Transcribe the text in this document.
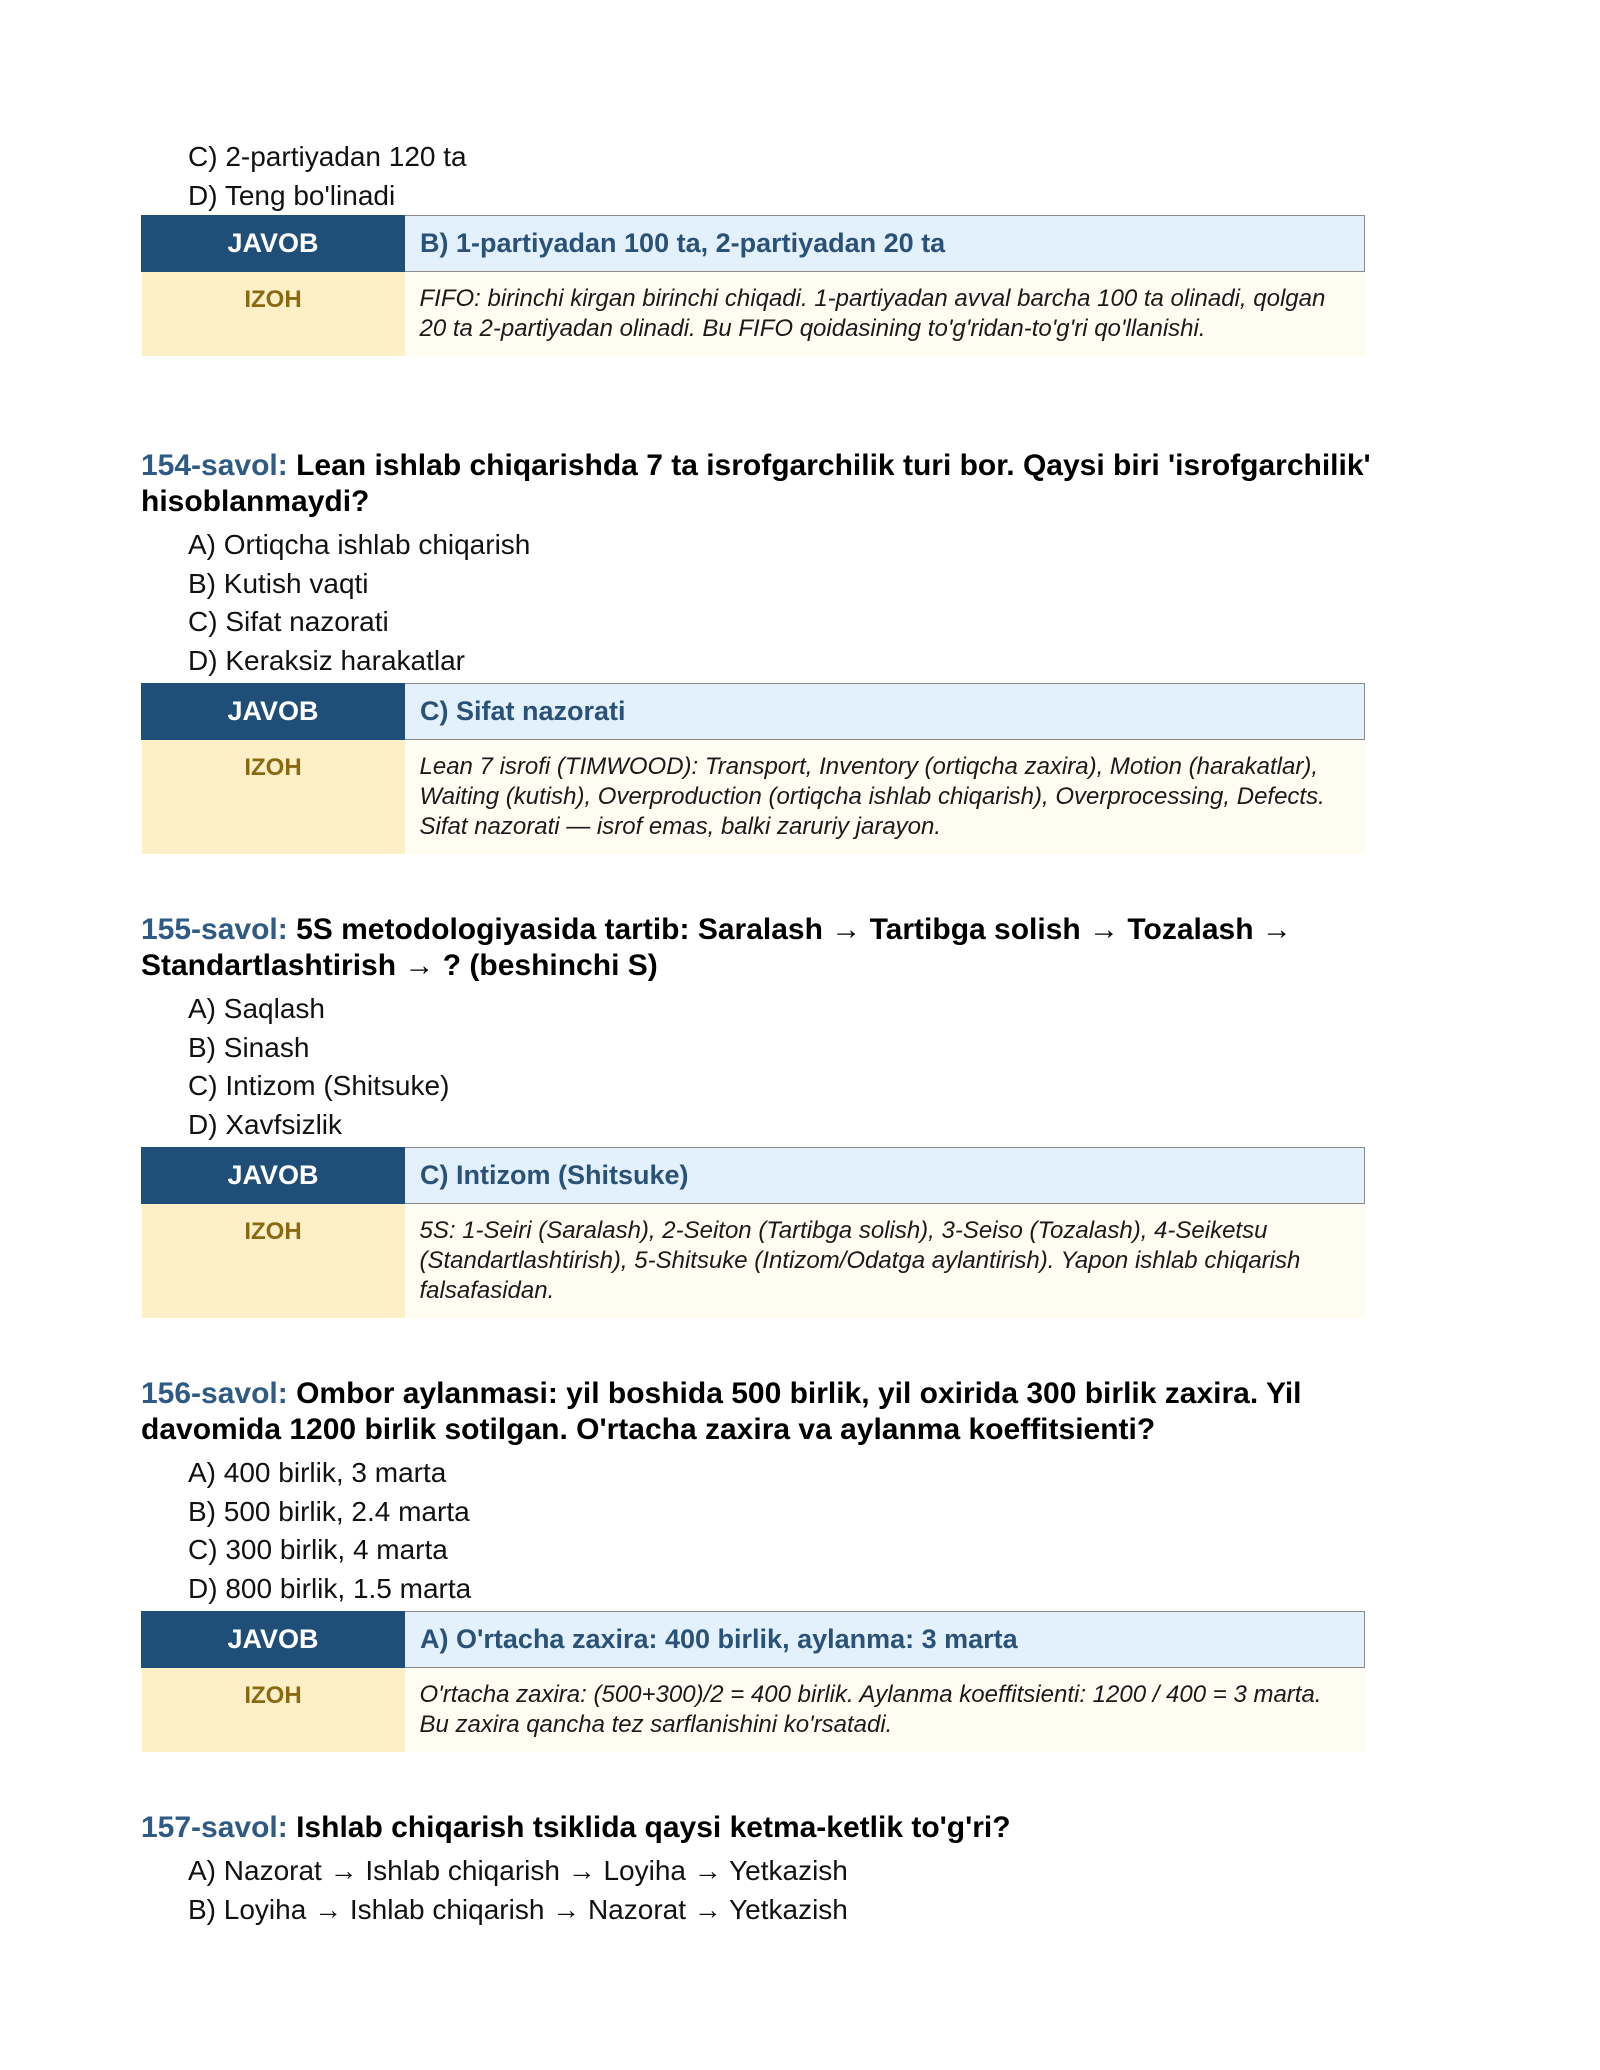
C) 2-partiyadan 120 ta
D) Teng bo'linadi
JAVOB	B) 1-partiyadan 100 ta, 2-partiyadan 20 ta
IZOH	FIFO: birinchi kirgan birinchi chiqadi. 1-partiyadan avval barcha 100 ta olinadi, qolgan 20 ta 2-partiyadan olinadi. Bu FIFO qoidasining to'g'ridan-to'g'ri qo'llanishi.
154-savol: Lean ishlab chiqarishda 7 ta isrofgarchilik turi bor. Qaysi biri 'isrofgarchilik' hisoblanmaydi?
A) Ortiqcha ishlab chiqarish
B) Kutish vaqti
C) Sifat nazorati
D) Keraksiz harakatlar
JAVOB	C) Sifat nazorati
IZOH	Lean 7 isrofi (TIMWOOD): Transport, Inventory (ortiqcha zaxira), Motion (harakatlar), Waiting (kutish), Overproduction (ortiqcha ishlab chiqarish), Overprocessing, Defects. Sifat nazorati — isrof emas, balki zaruriy jarayon.
155-savol: 5S metodologiyasida tartib: Saralash → Tartibga solish → Tozalash → Standartlashtirish → ? (beshinchi S)
A) Saqlash
B) Sinash
C) Intizom (Shitsuke)
D) Xavfsizlik
JAVOB	C) Intizom (Shitsuke)
IZOH	5S: 1-Seiri (Saralash), 2-Seiton (Tartibga solish), 3-Seiso (Tozalash), 4-Seiketsu (Standartlashtirish), 5-Shitsuke (Intizom/Odatga aylantirish). Yapon ishlab chiqarish falsafasidan.
156-savol: Ombor aylanmasi: yil boshida 500 birlik, yil oxirida 300 birlik zaxira. Yil davomida 1200 birlik sotilgan. O'rtacha zaxira va aylanma koeffitsienti?
A) 400 birlik, 3 marta
B) 500 birlik, 2.4 marta
C) 300 birlik, 4 marta
D) 800 birlik, 1.5 marta
JAVOB	A) O'rtacha zaxira: 400 birlik, aylanma: 3 marta
IZOH	O'rtacha zaxira: (500+300)/2 = 400 birlik. Aylanma koeffitsienti: 1200 / 400 = 3 marta. Bu zaxira qancha tez sarflanishini ko'rsatadi.
157-savol: Ishlab chiqarish tsiklida qaysi ketma-ketlik to'g'ri?
A) Nazorat → Ishlab chiqarish → Loyiha → Yetkazish
B) Loyiha → Ishlab chiqarish → Nazorat → Yetkazish
